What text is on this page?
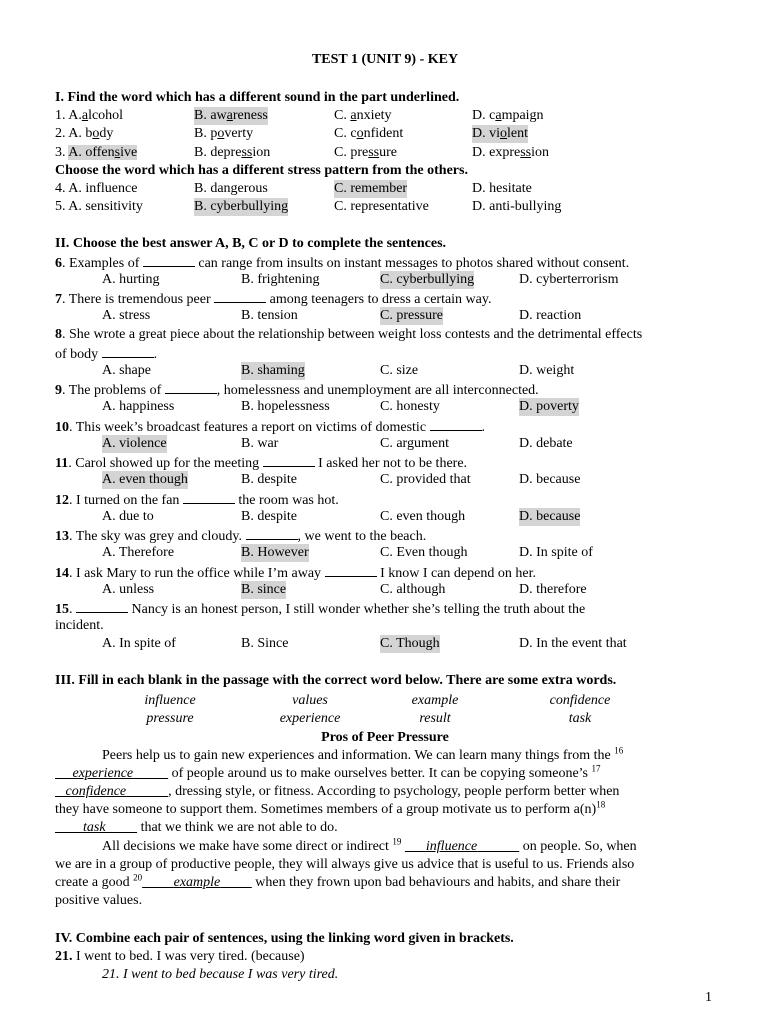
TEST 1 (UNIT 9) - KEY
I. Find the word which has a different sound in the part underlined.
1. A.alcohol	B. awareness	C. anxiety	D. campaign
2. A. body	B. poverty	C. confident	D. violent
3. A. offensive	B. depression	C. pressure	D. expression
Choose the word which has a different stress pattern from the others.
4. A. influence	B. dangerous	C. remember	D. hesitate
5. A. sensitivity	B. cyberbullying	C. representative	D. anti-bullying
II. Choose the best answer A, B, C or D to complete the sentences.
6. Examples of	can range from insults on instant messages to photos shared without consent.
A. hurting	B. frightening	C. cyberbullying	D. cyberterrorism
7. There is tremendous peer	among teenagers to dress a certain way.
A. stress	B. tension	C. pressure	D. reaction
8. She wrote a great piece about the relationship between weight loss contests and the detrimental effects
of body	.
A. shape	B. shaming	C. size	D. weight
9. The problems of	, homelessness and unemployment are all interconnected.
A. happiness	B. hopelessness	C. honesty	D. poverty
10. This week’s broadcast features a report on victims of domestic	.
A. violence	B. war	C. argument	D. debate
11. Carol showed up for the meeting	I asked her not to be there.
A. even though	B. despite	C. provided that	D. because
12. I turned on the fan	the room was hot.
A. due to	B. despite	C. even though	D. because
13. The sky was grey and cloudy.	, we went to the beach.
A. Therefore	B. However	C. Even though	D. In spite of
14. I ask Mary to run the office while I’m away	I know I can depend on her.
A. unless	B. since	C. although	D. therefore
15.	Nancy is an honest person, I still wonder whether she’s telling the truth about the
incident.
A. In spite of	B. Since	C. Though	D. In the event that
III. Fill in each blank in the passage with the correct word below. There are some extra words.
influence	values	example	confidence
pressure	experience	result	task
Pros of Peer Pressure
Peers help us to gain new experiences and information. We can learn many things from the $^{16}$
experience	of people around us to make ourselves better. It can be copying someone’s $^{17}$
confidence	, dressing style, or fitness. According to psychology, people perform better when
they have someone to support them. Sometimes members of a group motivate us to perform $a(n)^{18}$
task	that we think we are not able to do.
All decisions we make have some direct or indirect $^{19}$ influence	on people. So, when
we are in a group of productive people, they will always give us advice that is useful to us. Friends also
create a good $^{20}$ example	when they frown upon bad behaviours and habits, and share their
positive values.
IV. Combine each pair of sentences, using the linking word given in brackets.
21. I went to bed. I was very tired. (because)
21. I went to bed because I was very tired.
1
